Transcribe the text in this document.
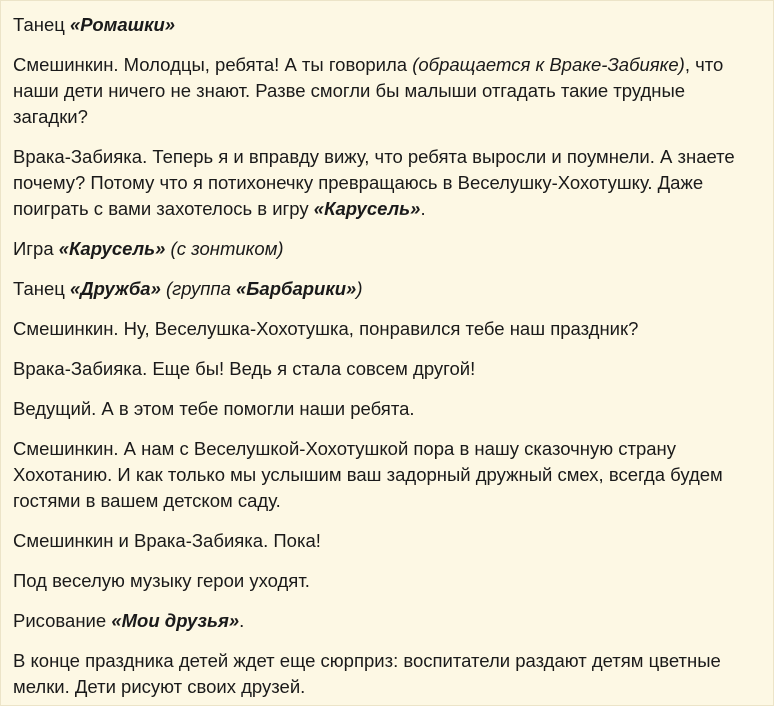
Танец «Ромашки»

Смешинкин. Молодцы, ребята! А ты говорила (обращается к Враке-Забияке), что наши дети ничего не знают. Разве смогли бы малыши отгадать такие трудные загадки?

Врака-Забияка. Теперь я и вправду вижу, что ребята выросли и поумнели. А знаете почему? Потому что я потихонечку превращаюсь в Веселушку-Хохотушку. Даже поиграть с вами захотелось в игру «Карусель».

Игра «Карусель» (с зонтиком)

Танец «Дружба» (группа «Барбарики»)

Смешинкин. Ну, Веселушка-Хохотушка, понравился тебе наш праздник?

Врака-Забияка. Еще бы! Ведь я стала совсем другой!

Ведущий. А в этом тебе помогли наши ребята.

Смешинкин. А нам с Веселушкой-Хохотушкой пора в нашу сказочную страну Хохотанию. И как только мы услышим ваш задорный дружный смех, всегда будем гостями в вашем детском саду.

Смешинкин и Врака-Забияка. Пока!

Под веселую музыку герои уходят.

Рисование «Мои друзья».

В конце праздника детей ждет еще сюрприз: воспитатели раздают детям цветные мелки. Дети рисуют своих друзей.
